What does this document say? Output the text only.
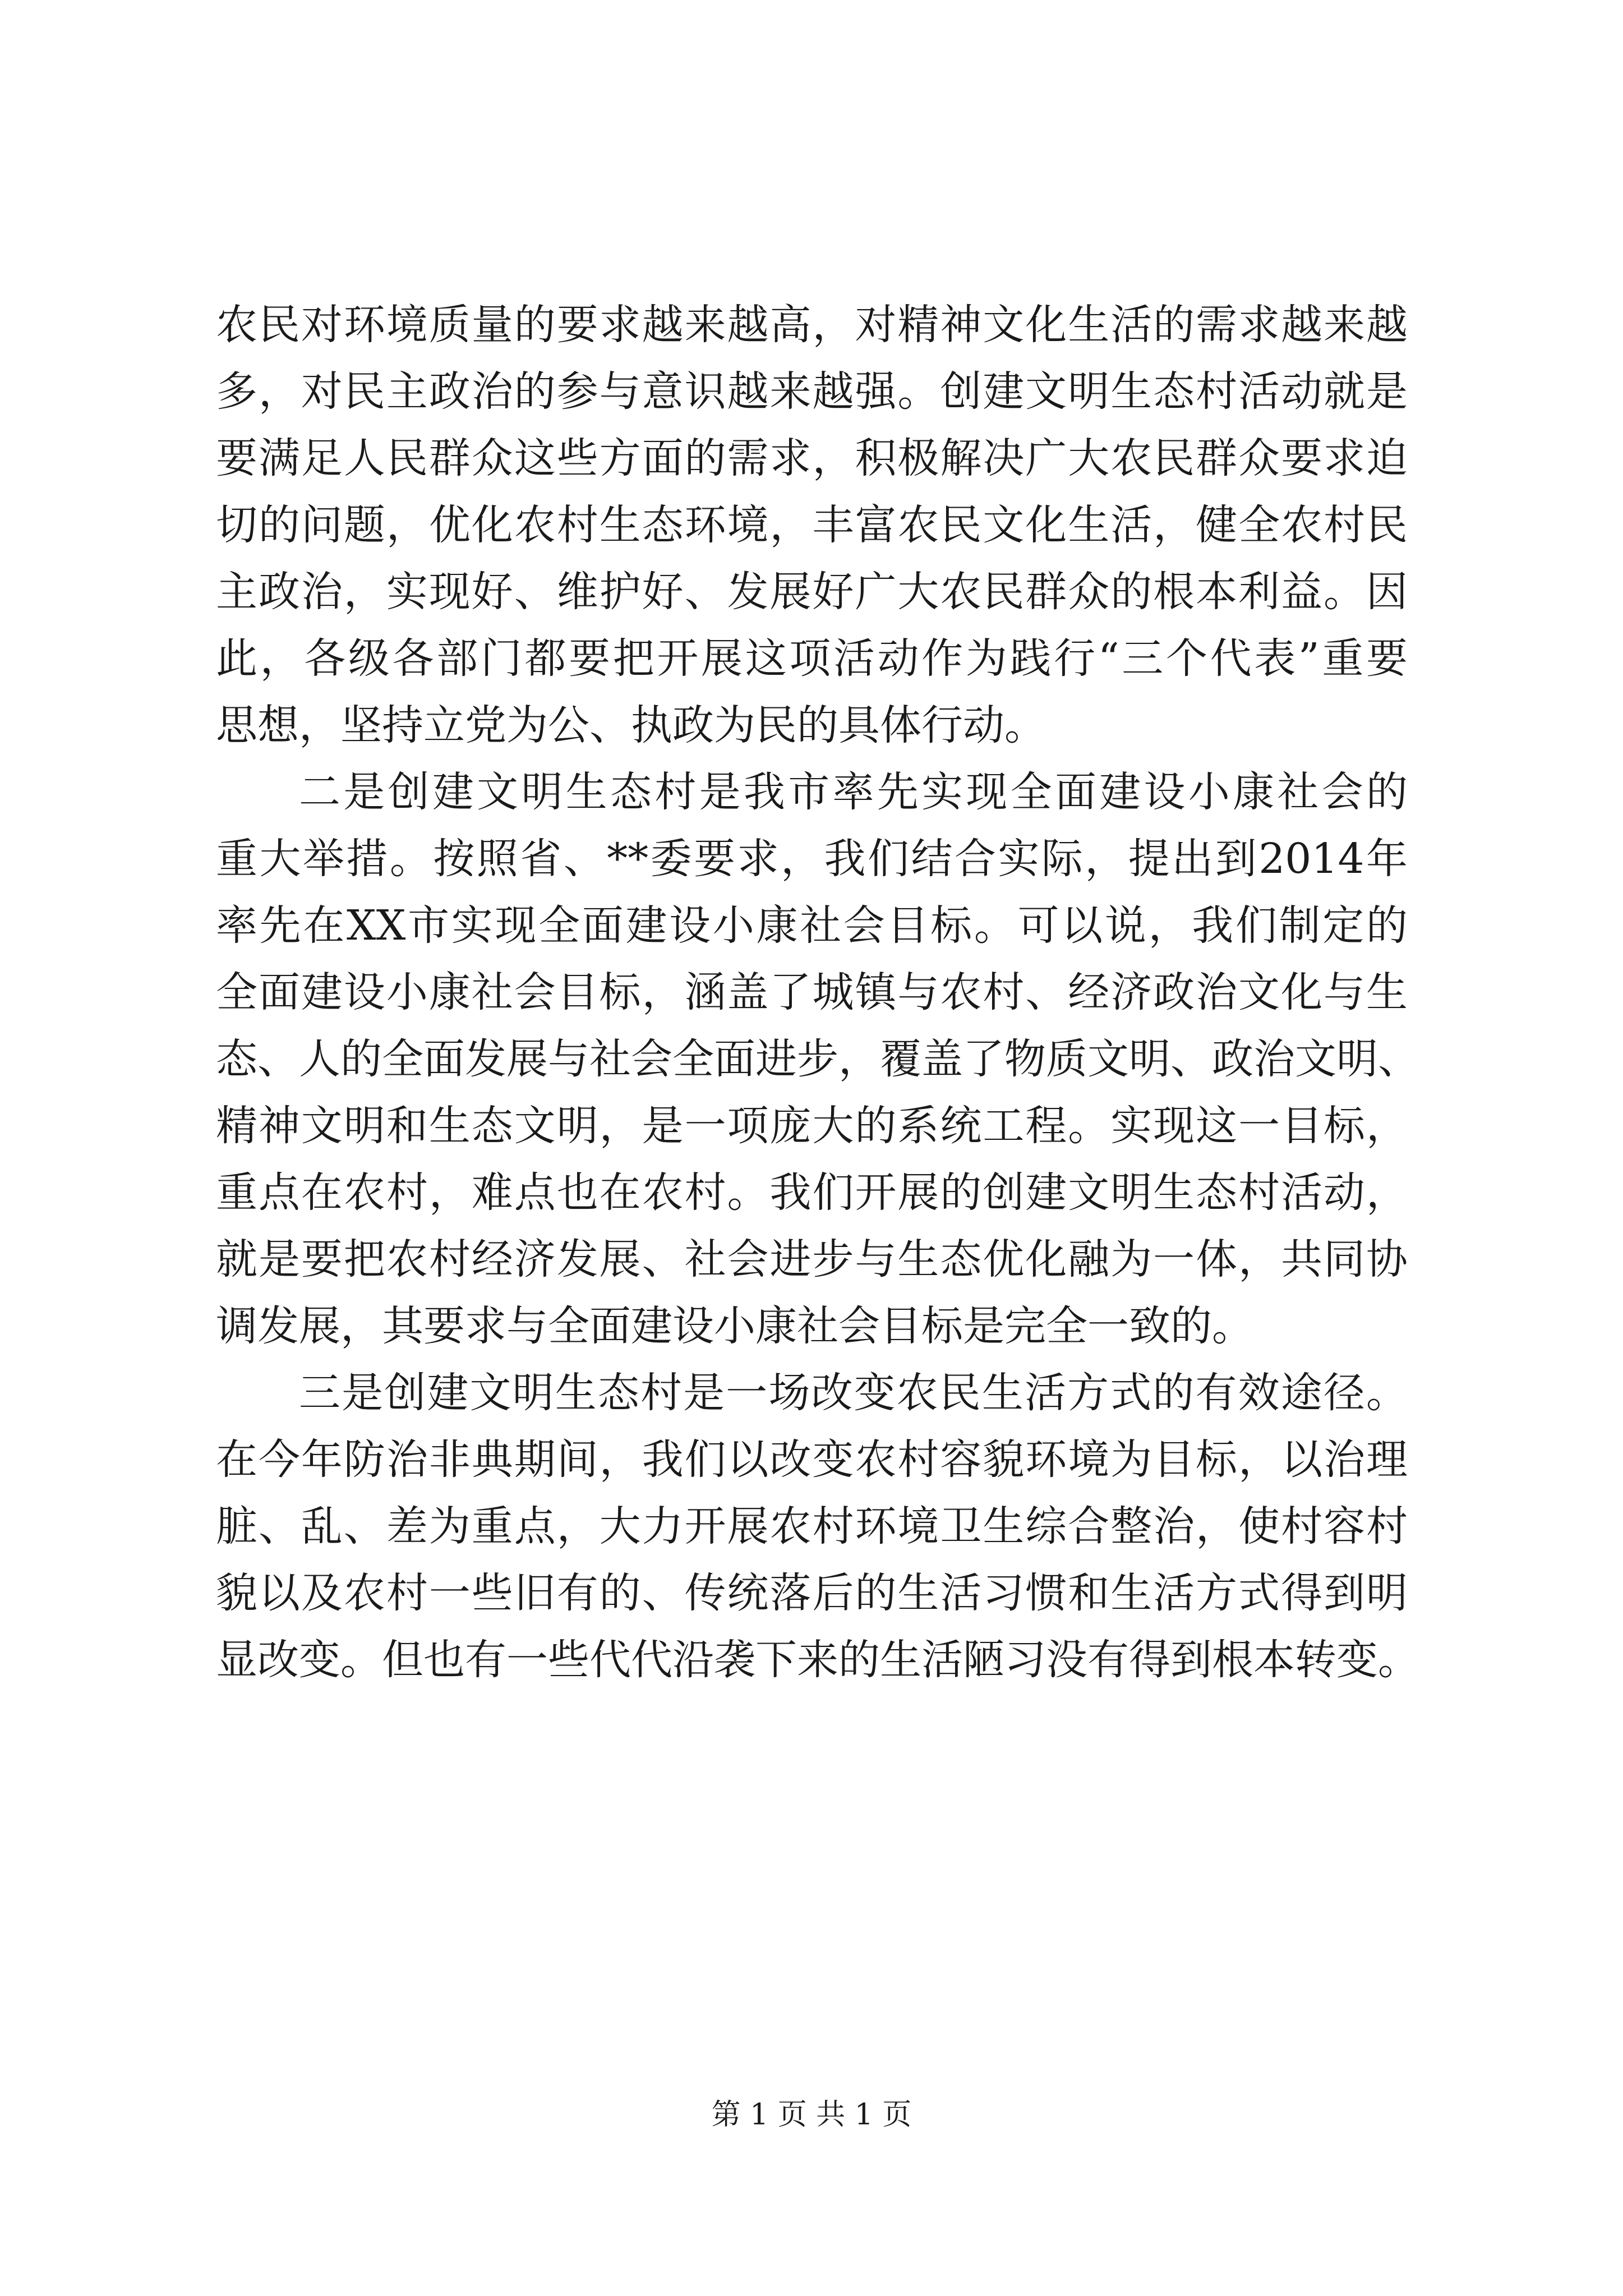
农民对环境质量的要求越来越高，对精神文化生活的需求越来越
多，对民主政治的参与意识越来越强。创建文明生态村活动就是
要满足人民群众这些方面的需求，积极解决广大农民群众要求迫
切的问题，优化农村生态环境，丰富农民文化生活，健全农村民
主政治，实现好、维护好、发展好广大农民群众的根本利益。因
此，各级各部门都要把开展这项活动作为践行“三个代表”重要
思想，坚持立党为公、执政为民的具体行动。
二是创建文明生态村是我市率先实现全面建设小康社会的
重大举措。按照省、**委要求，我们结合实际，提出到2014年
率先在XX市实现全面建设小康社会目标。可以说，我们制定的
全面建设小康社会目标，涵盖了城镇与农村、经济政治文化与生
态、人的全面发展与社会全面进步，覆盖了物质文明、政治文明、
精神文明和生态文明，是一项庞大的系统工程。实现这一目标，
重点在农村，难点也在农村。我们开展的创建文明生态村活动，
就是要把农村经济发展、社会进步与生态优化融为一体，共同协
调发展，其要求与全面建设小康社会目标是完全一致的。
三是创建文明生态村是一场改变农民生活方式的有效途径。
在今年防治非典期间，我们以改变农村容貌环境为目标，以治理
脏、乱、差为重点，大力开展农村环境卫生综合整治，使村容村
貌以及农村一些旧有的、传统落后的生活习惯和生活方式得到明
显改变。但也有一些代代沿袭下来的生活陋习没有得到根本转变。
第 1 页 共 1 页
